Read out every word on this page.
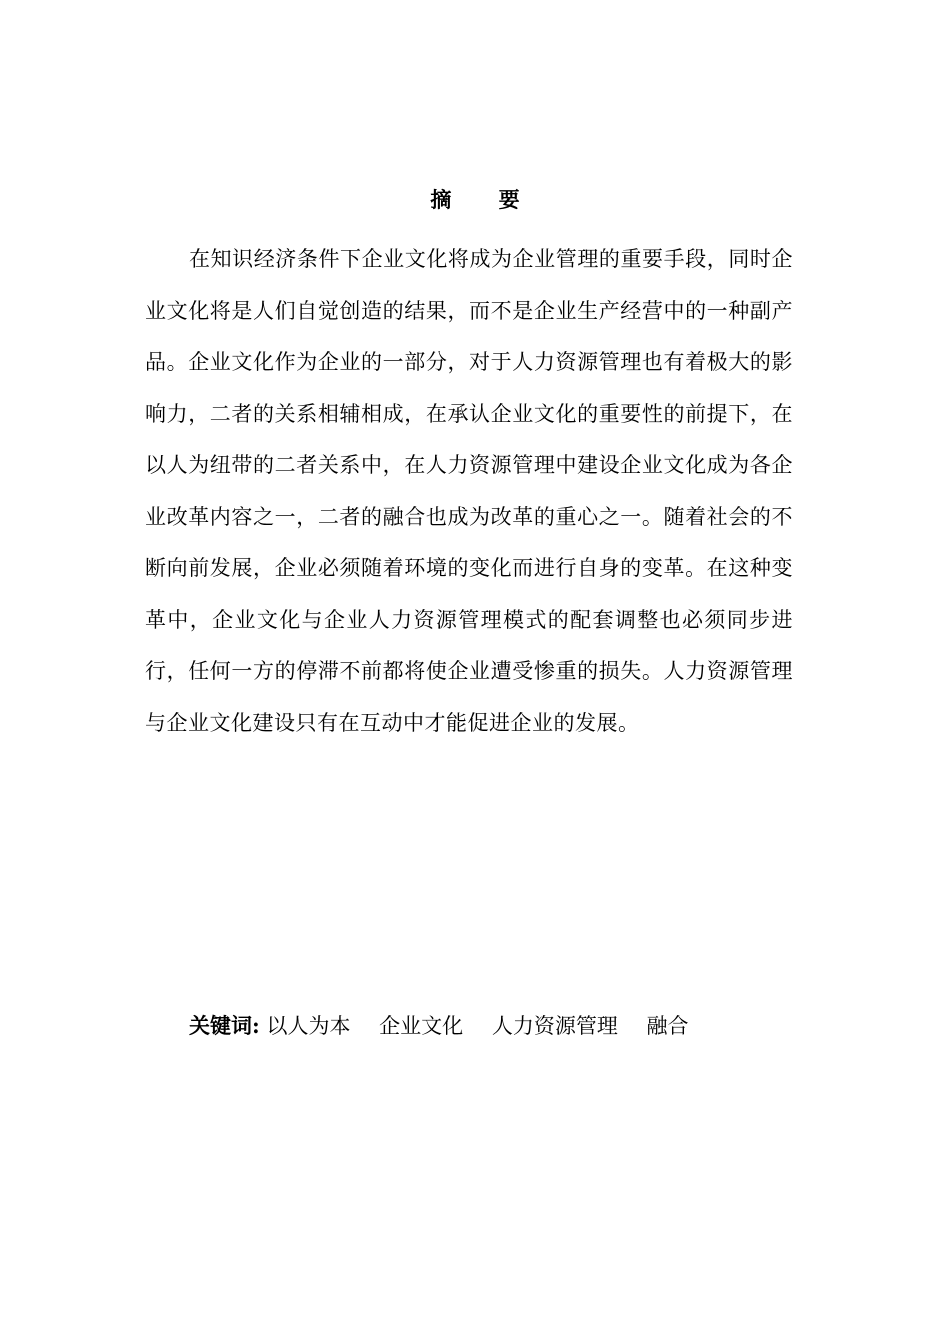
摘 要

在知识经济条件下企业文化将成为企业管理的重要手段，同时企业文化将是人们自觉创造的结果，而不是企业生产经营中的一种副产品。企业文化作为企业的一部分，对于人力资源管理也有着极大的影响力，二者的关系相辅相成，在承认企业文化的重要性的前提下，在以人为纽带的二者关系中，在人力资源管理中建设企业文化成为各企业改革内容之一，二者的融合也成为改革的重心之一。随着社会的不断向前发展，企业必须随着环境的变化而进行自身的变革。在这种变革中，企业文化与企业人力资源管理模式的配套调整也必须同步进行，任何一方的停滞不前都将使企业遭受惨重的损失。人力资源管理与企业文化建设只有在互动中才能促进企业的发展。

关键词: 以人为本 企业文化 人力资源管理 融合
